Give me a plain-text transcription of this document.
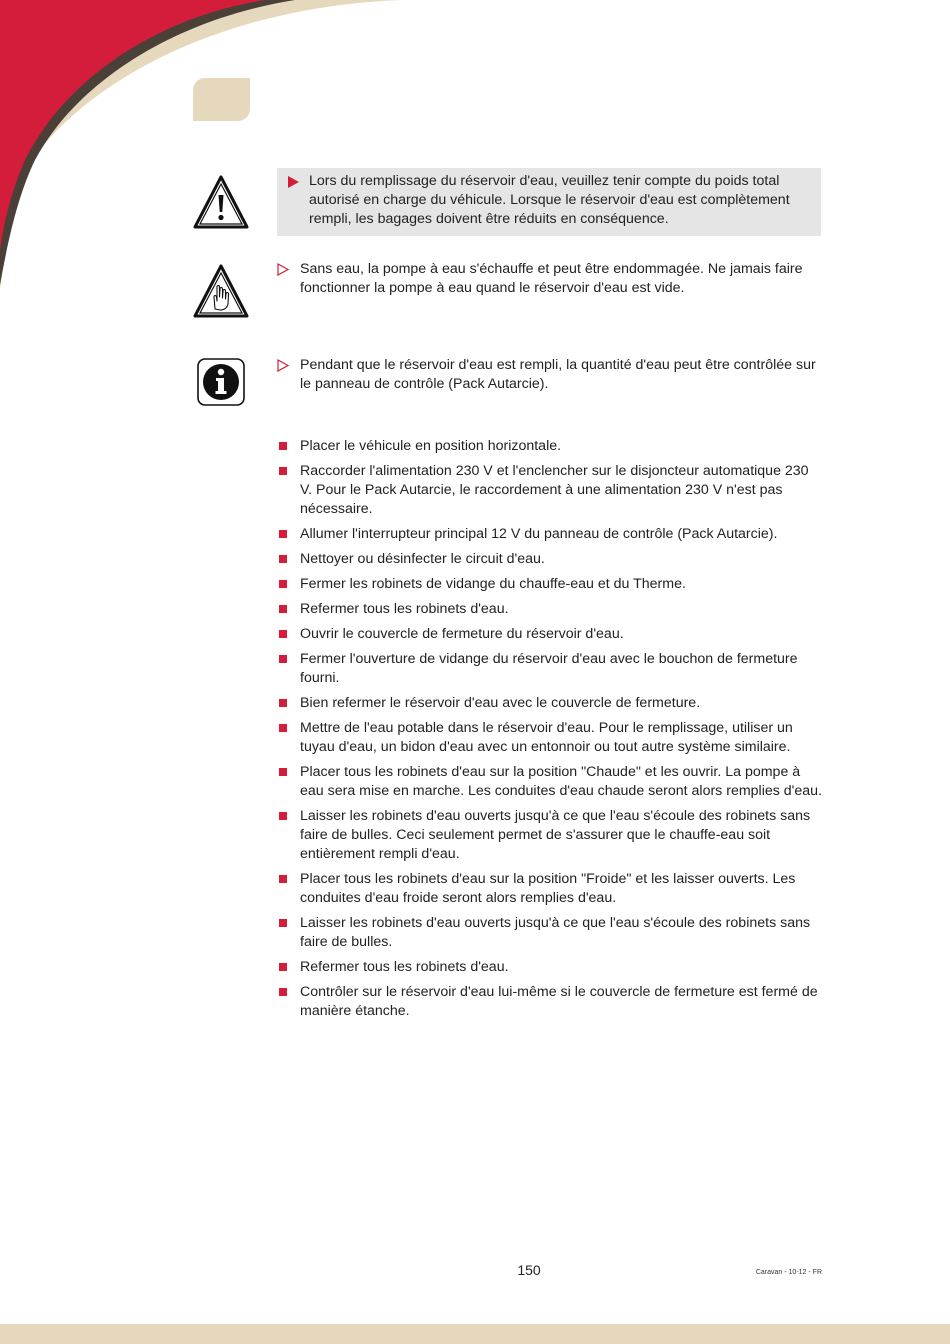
Lors du remplissage du réservoir d'eau, veuillez tenir compte du poids total autorisé en charge du véhicule. Lorsque le réservoir d'eau est complètement rempli, les bagages doivent être réduits en conséquence.

Sans eau, la pompe à eau s'échauffe et peut être endommagée. Ne jamais faire fonctionner la pompe à eau quand le réservoir d'eau est vide.

Pendant que le réservoir d'eau est rempli, la quantité d'eau peut être contrôlée sur le panneau de contrôle (Pack Autarcie).

Placer le véhicule en position horizontale.
Raccorder l'alimentation 230 V et l'enclencher sur le disjoncteur automatique 230 V. Pour le Pack Autarcie, le raccordement à une alimentation 230 V n'est pas nécessaire.
Allumer l'interrupteur principal 12 V du panneau de contrôle (Pack Autarcie).
Nettoyer ou désinfecter le circuit d'eau.
Fermer les robinets de vidange du chauffe-eau et du Therme.
Refermer tous les robinets d'eau.
Ouvrir le couvercle de fermeture du réservoir d'eau.
Fermer l'ouverture de vidange du réservoir d'eau avec le bouchon de fermeture fourni.
Bien refermer le réservoir d'eau avec le couvercle de fermeture.
Mettre de l'eau potable dans le réservoir d'eau. Pour le remplissage, utiliser un tuyau d'eau, un bidon d'eau avec un entonnoir ou tout autre système similaire.
Placer tous les robinets d'eau sur la position "Chaude" et les ouvrir. La pompe à eau sera mise en marche. Les conduites d'eau chaude seront alors remplies d'eau.
Laisser les robinets d'eau ouverts jusqu'à ce que l'eau s'écoule des robinets sans faire de bulles. Ceci seulement permet de s'assurer que le chauffe-eau soit entièrement rempli d'eau.
Placer tous les robinets d'eau sur la position "Froide" et les laisser ouverts. Les conduites d'eau froide seront alors remplies d'eau.
Laisser les robinets d'eau ouverts jusqu'à ce que l'eau s'écoule des robinets sans faire de bulles.
Refermer tous les robinets d'eau.
Contrôler sur le réservoir d'eau lui-même si le couvercle de fermeture est fermé de manière étanche.
150	Caravan - 10-12 - FR
